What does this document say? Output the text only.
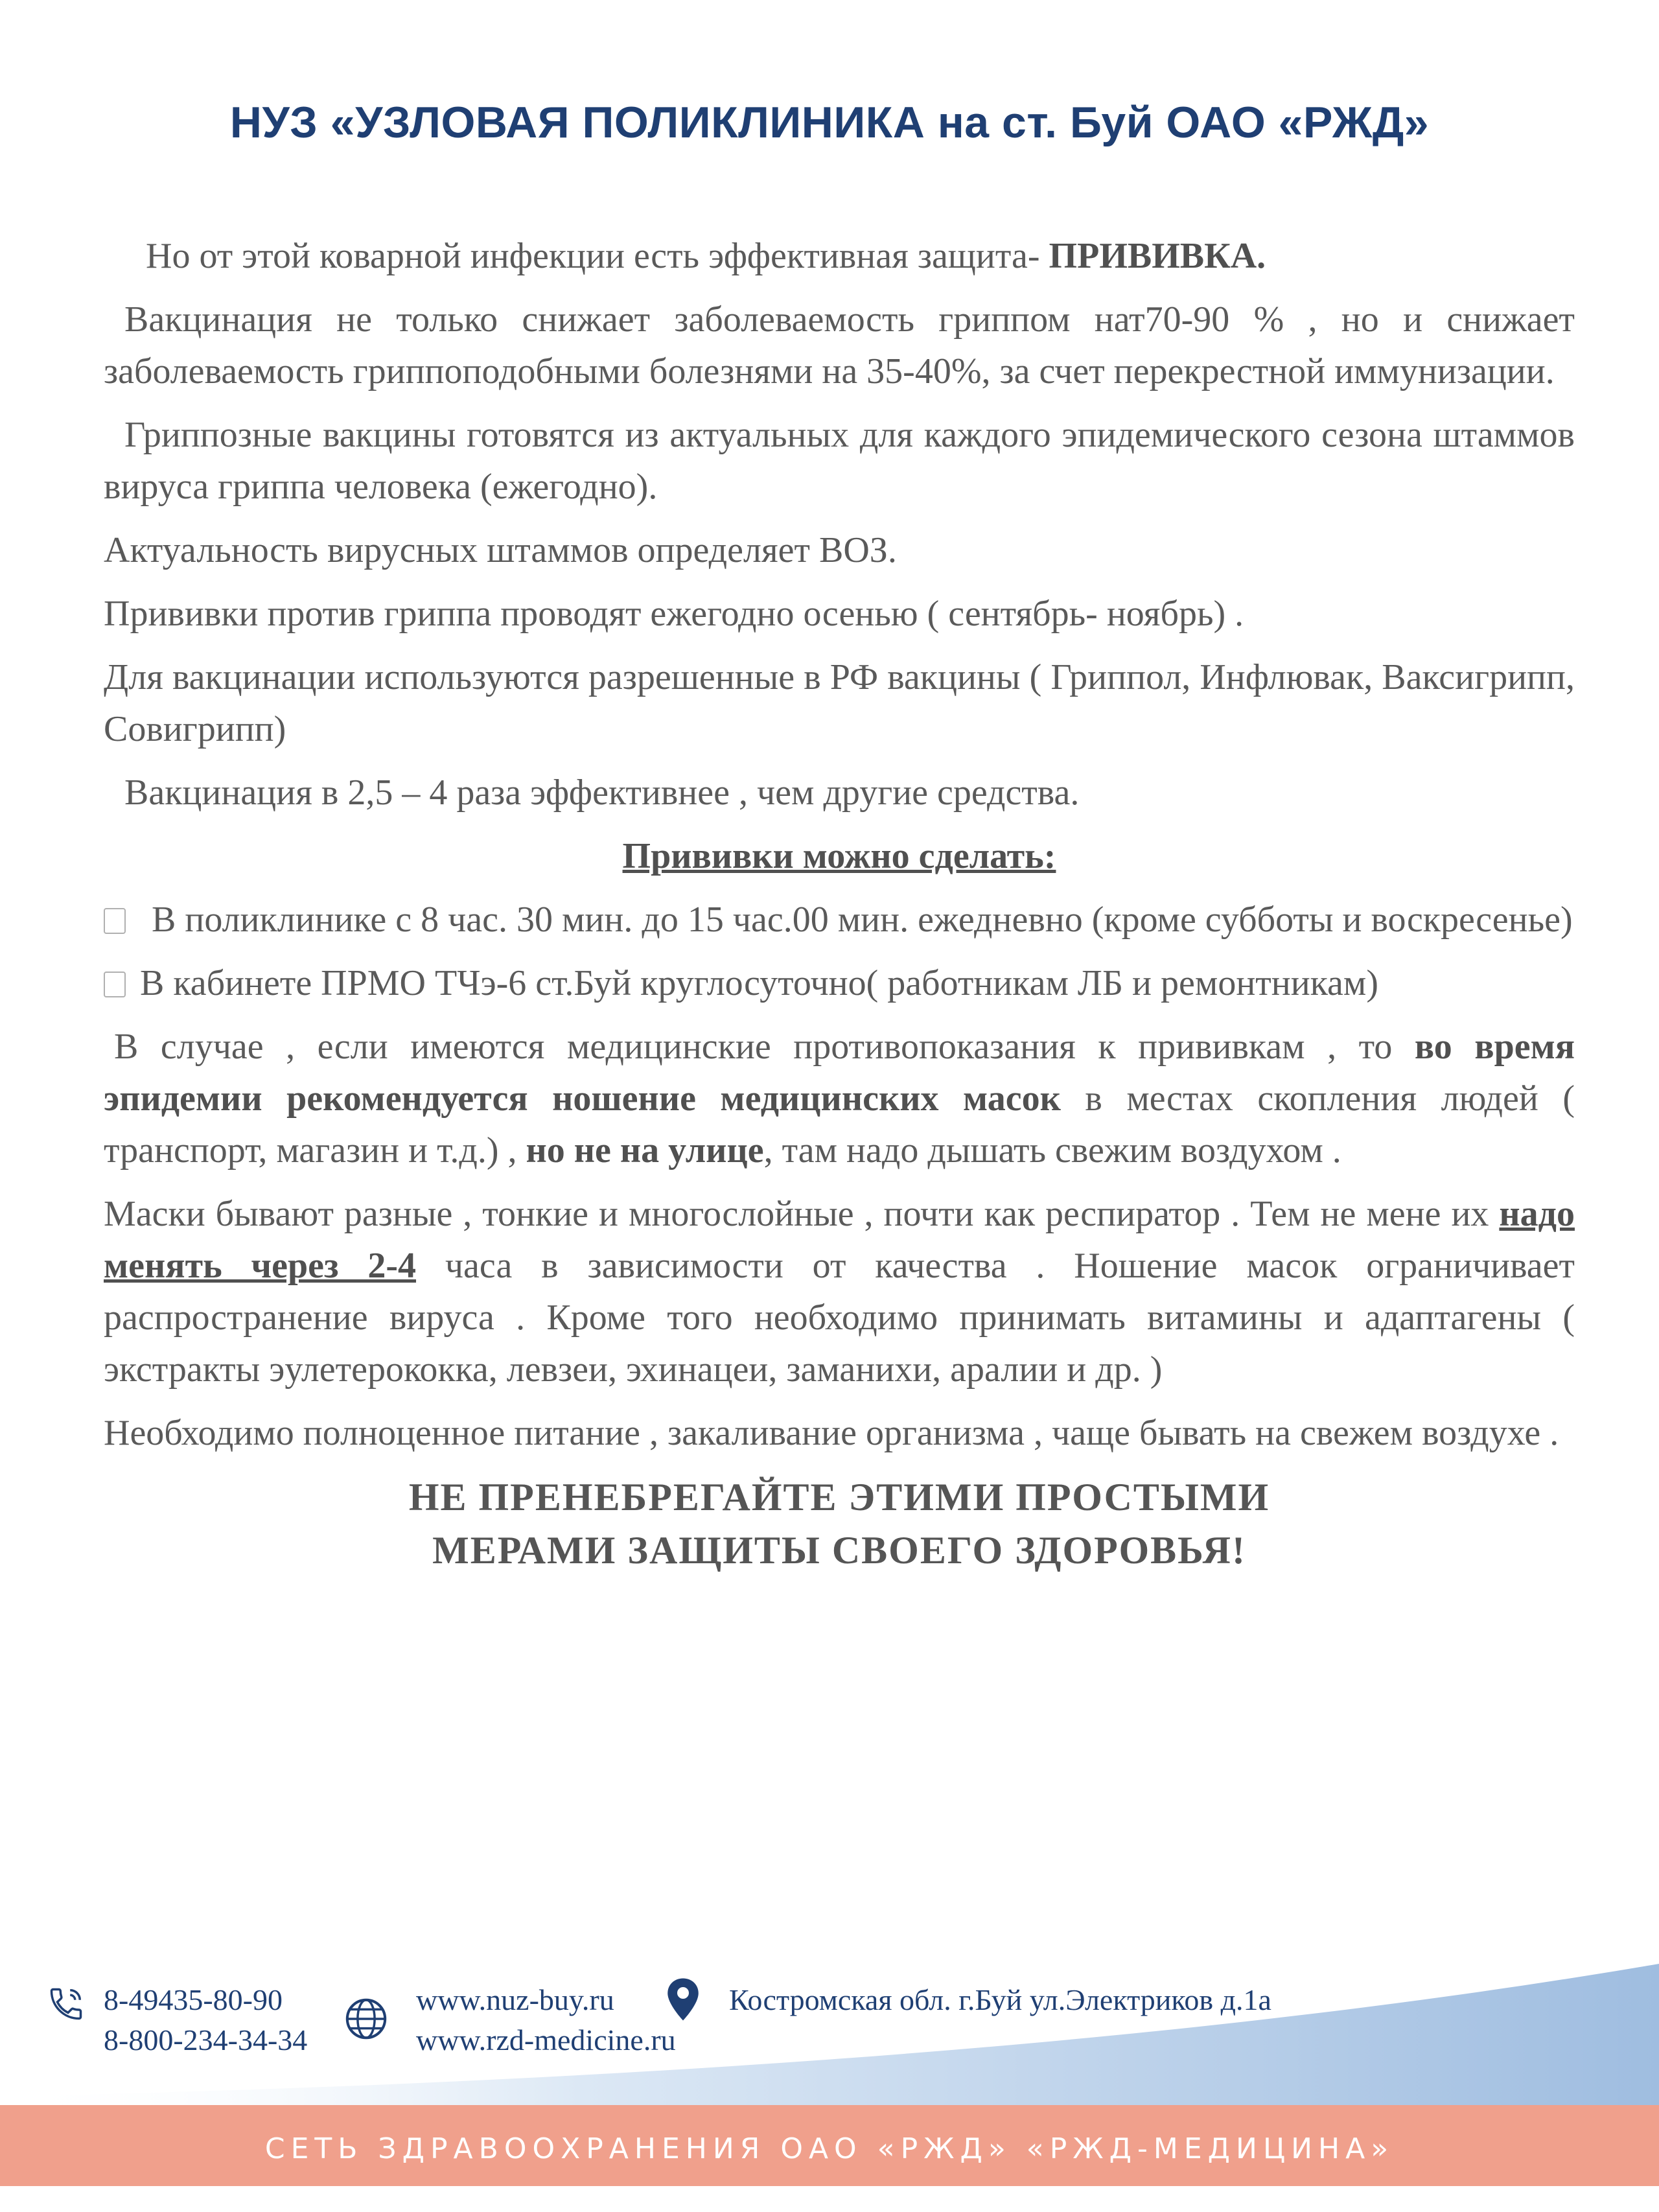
НУЗ «УЗЛОВАЯ ПОЛИКЛИНИКА на ст. Буй ОАО «РЖД»

Но от этой коварной инфекции есть эффективная защита- ПРИВИВКА.

Вакцинация не только снижает заболеваемость гриппом нат70-90 % , но и снижает заболеваемость гриппоподобными болезнями на 35-40%, за счет перекрестной иммунизации.

Гриппозные вакцины готовятся из актуальных для каждого эпидемического сезона штаммов вируса гриппа человека (ежегодно).

Актуальность вирусных штаммов определяет ВОЗ.

Прививки против гриппа проводят ежегодно осенью ( сентябрь- ноябрь) .

Для вакцинации используются разрешенные в РФ вакцины ( Гриппол, Инфлювак, Ваксигрипп, Совигрипп)

Вакцинация в 2,5 – 4 раза эффективнее , чем другие средства.

Прививки можно сделать:

В поликлинике с 8 час. 30 мин. до 15 час.00 мин. ежедневно (кроме субботы и воскресенье)

В кабинете ПРМО ТЧэ-6 ст.Буй круглосуточно( работникам ЛБ и ремонтникам)

В случае , если имеются медицинские противопоказания к прививкам , то во время эпидемии рекомендуется ношение медицинских масок в местах скопления людей ( транспорт, магазин и т.д.) , но не на улице, там надо дышать свежим воздухом .

Маски бывают разные , тонкие и многослойные , почти как респиратор . Тем не мене их надо менять через 2-4 часа в зависимости от качества . Ношение масок ограничивает распространение вируса . Кроме того необходимо принимать витамины и адаптагены ( экстракты эулетерококка, левзеи, эхинацеи, заманихи, аралии и др. )

Необходимо полноценное питание , закаливание организма , чаще бывать на свежем воздухе .

НЕ ПРЕНЕБРЕГАЙТЕ ЭТИМИ ПРОСТЫМИ
МЕРАМИ ЗАЩИТЫ СВОЕГО ЗДОРОВЬЯ!
8-49435-80-90
8-800-234-34-34
www.nuz-buy.ru
www.rzd-medicine.ru
Костромская обл. г.Буй ул.Электриков д.1а
СЕТЬ ЗДРАВООХРАНЕНИЯ ОАО «РЖД» «РЖД-МЕДИЦИНА»
